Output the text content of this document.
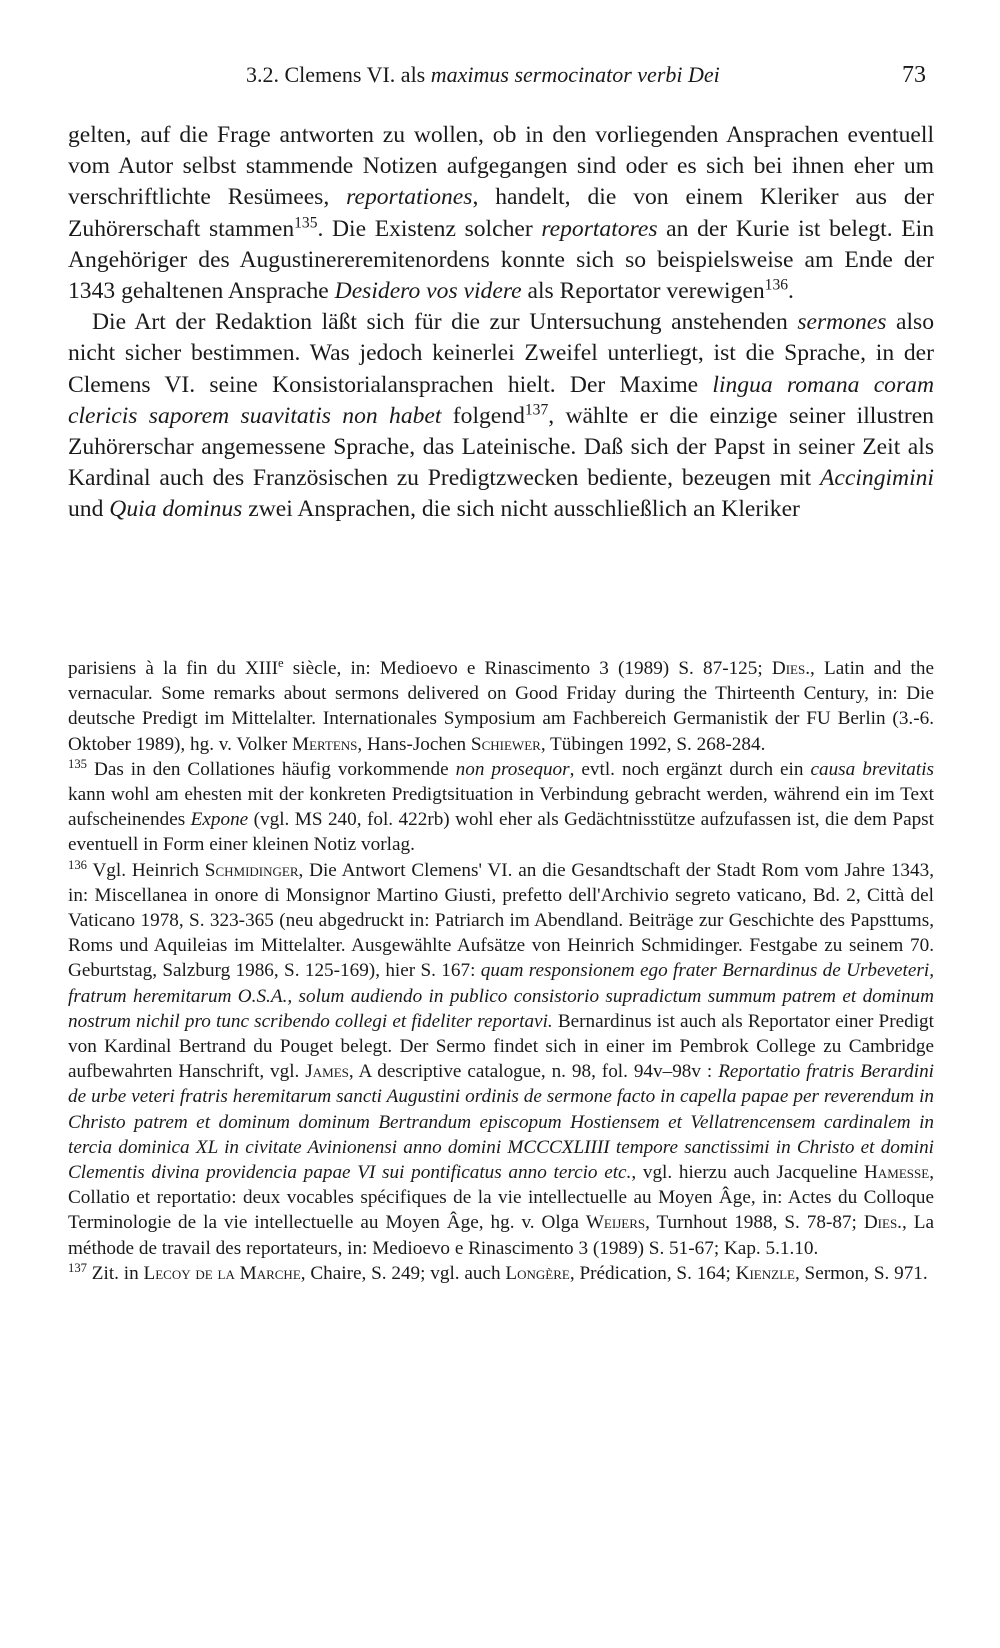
3.2. Clemens VI. als maximus sermocinator verbi Dei	73

gelten, auf die Frage antworten zu wollen, ob in den vorliegenden Ansprachen eventuell vom Autor selbst stammende Notizen aufgegangen sind oder es sich bei ihnen eher um verschriftlichte Resümees, reportationes, handelt, die von einem Kleriker aus der Zuhörerschaft stammen$^{135}$. Die Existenz solcher reportatores an der Kurie ist belegt. Ein Angehöriger des Augustinereremitenordens konnte sich so beispielsweise am Ende der 1343 gehaltenen Ansprache Desidero vos videre als Reportator verewigen$^{136}$.

Die Art der Redaktion läßt sich für die zur Untersuchung anstehenden sermones also nicht sicher bestimmen. Was jedoch keinerlei Zweifel unterliegt, ist die Sprache, in der Clemens VI. seine Konsistorialansprachen hielt. Der Maxime lingua romana coram clericis saporem suavitatis non habet folgend$^{137}$, wählte er die einzige seiner illustren Zuhörerschar angemessene Sprache, das Lateinische. Daß sich der Papst in seiner Zeit als Kardinal auch des Französischen zu Predigtzwecken bediente, bezeugen mit Accingimini und Quia dominus zwei Ansprachen, die sich nicht ausschließlich an Kleriker

parisiens à la fin du XIIIe siècle, in: Medioevo e Rinascimento 3 (1989) S. 87-125; Dies., Latin and the vernacular. Some remarks about sermons delivered on Good Friday during the Thirteenth Century, in: Die deutsche Predigt im Mittelalter. Internationales Symposium am Fachbereich Germanistik der FU Berlin (3.-6. Oktober 1989), hg. v. Volker Mertens, Hans-Jochen Schiewer, Tübingen 1992, S. 268-284.

$^{135}$ Das in den Collationes häufig vorkommende non prosequor, evtl. noch ergänzt durch ein causa brevitatis kann wohl am ehesten mit der konkreten Predigtsituation in Verbindung gebracht werden, während ein im Text aufscheinendes Expone (vgl. MS 240, fol. 422rb) wohl eher als Gedächtnisstütze aufzufassen ist, die dem Papst eventuell in Form einer kleinen Notiz vorlag.

$^{136}$ Vgl. Heinrich Schmidinger, Die Antwort Clemens' VI. an die Gesandtschaft der Stadt Rom vom Jahre 1343, in: Miscellanea in onore di Monsignor Martino Giusti, prefetto dell'Archivio segreto vaticano, Bd. 2, Città del Vaticano 1978, S. 323-365 (neu abgedruckt in: Patriarch im Abendland. Beiträge zur Geschichte des Papsttums, Roms und Aquileias im Mittelalter. Ausgewählte Aufsätze von Heinrich Schmidinger. Festgabe zu seinem 70. Geburtstag, Salzburg 1986, S. 125-169), hier S. 167: quam responsionem ego frater Bernardinus de Urbeveteri, fratrum heremitarum O.S.A., solum audiendo in publico consistorio supradictum summum patrem et dominum nostrum nichil pro tunc scribendo collegi et fideliter reportavi. Bernardinus ist auch als Reportator einer Predigt von Kardinal Bertrand du Pouget belegt. Der Sermo findet sich in einer im Pembrok College zu Cambridge aufbewahrten Hanschrift, vgl. James, A descriptive catalogue, n. 98, fol. 94v–98v : Reportatio fratris Berardini de urbe veteri fratris heremitarum sancti Augustini ordinis de sermone facto in capella papae per reverendum in Christo patrem et dominum dominum Bertrandum episcopum Hostiensem et Vellatrencensem cardinalem in tercia dominica XL in civitate Avinionensi anno domini MCCCXLIIII tempore sanctissimi in Christo et domini Clementis divina providencia papae VI sui pontificatus anno tercio etc., vgl. hierzu auch Jacqueline Hamesse, Collatio et reportatio: deux vocables spécifiques de la vie intellectuelle au Moyen Âge, in: Actes du Colloque Terminologie de la vie intellectuelle au Moyen Âge, hg. v. Olga Weijers, Turnhout 1988, S. 78-87; Dies., La méthode de travail des reportateurs, in: Medioevo e Rinascimento 3 (1989) S. 51-67; Kap. 5.1.10.

$^{137}$ Zit. in Lecoy de la Marche, Chaire, S. 249; vgl. auch Longère, Prédication, S. 164; Kienzle, Sermon, S. 971.
